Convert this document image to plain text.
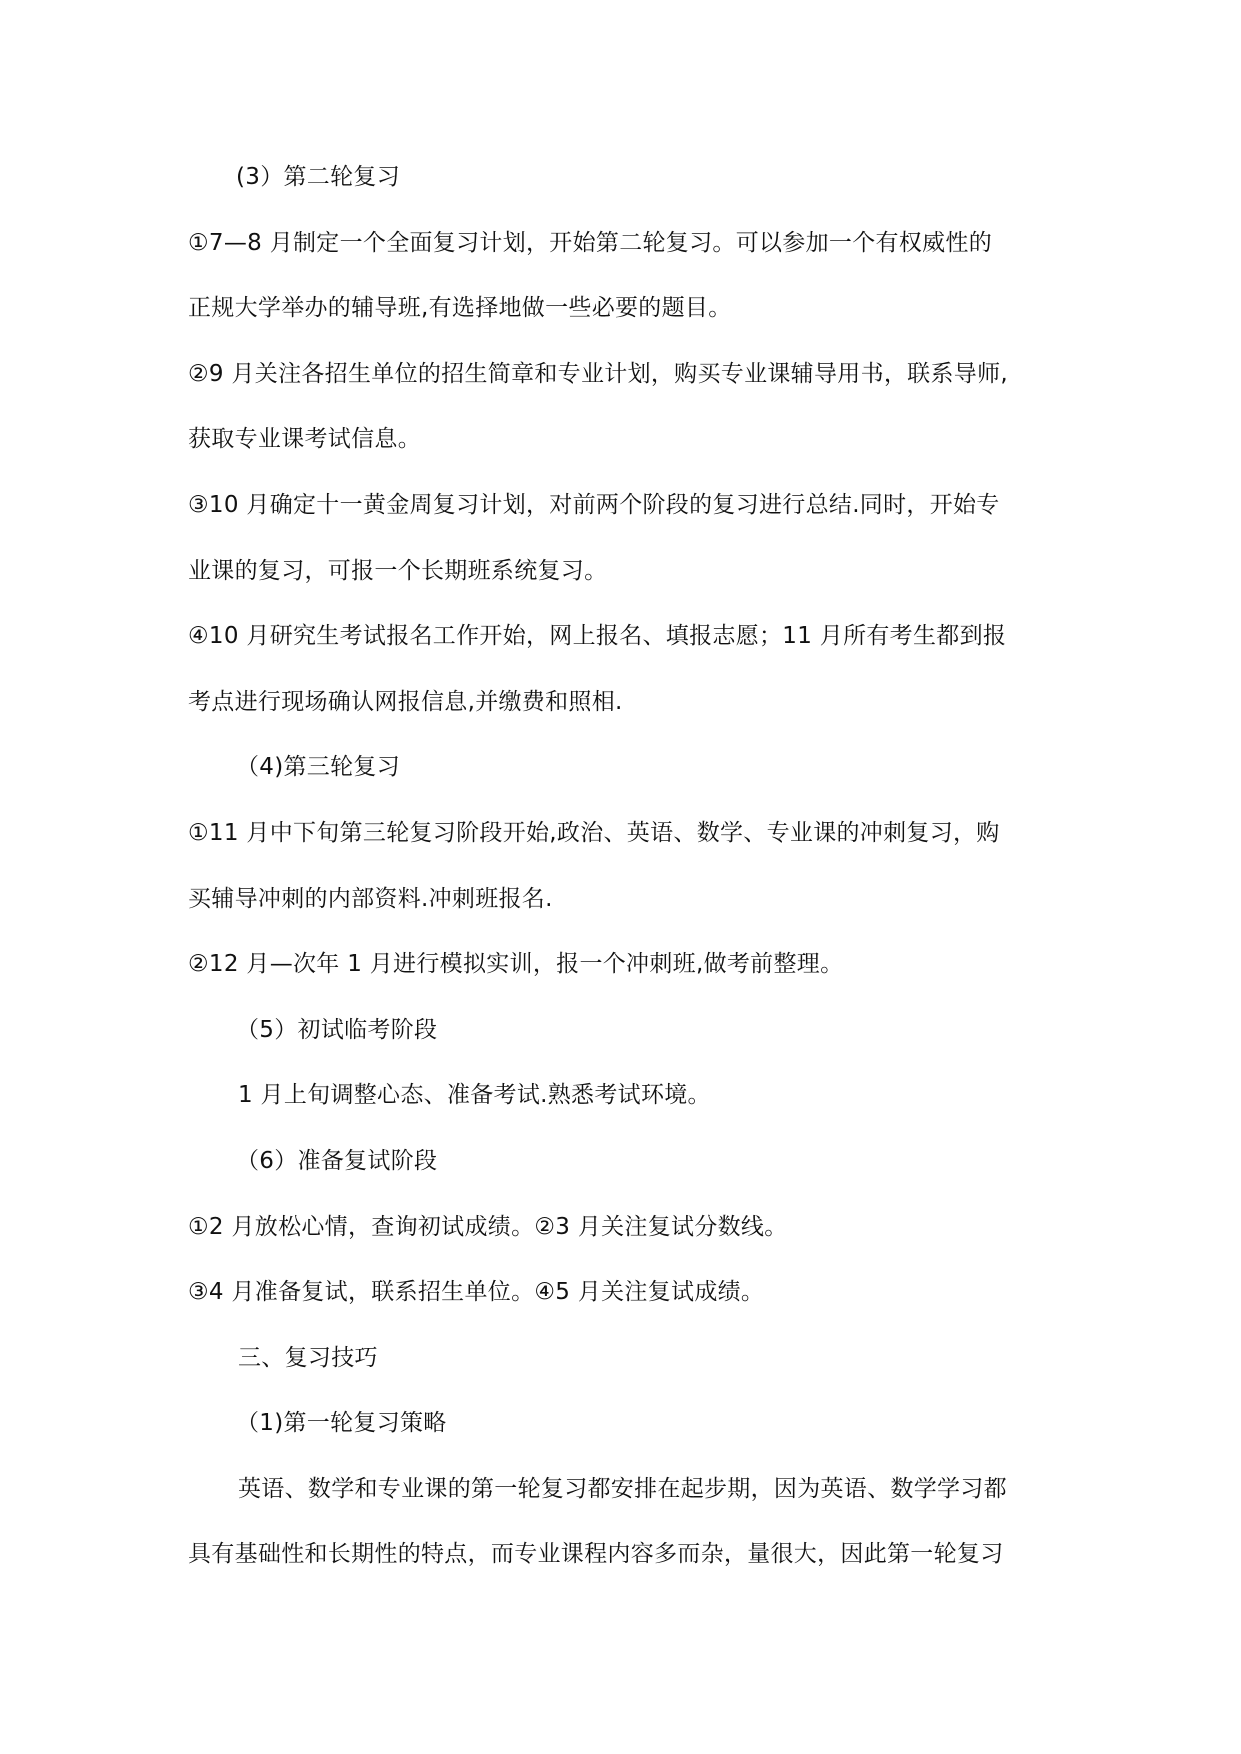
(3）第二轮复习
①7—8 月制定一个全面复习计划，开始第二轮复习。可以参加一个有权威性的
正规大学举办的辅导班,有选择地做一些必要的题目。
②9 月关注各招生单位的招生简章和专业计划，购买专业课辅导用书，联系导师,
获取专业课考试信息。
③10 月确定十一黄金周复习计划，对前两个阶段的复习进行总结.同时，开始专
业课的复习，可报一个长期班系统复习。
④10 月研究生考试报名工作开始，网上报名、填报志愿；11 月所有考生都到报
考点进行现场确认网报信息,并缴费和照相.
（4)第三轮复习
①11 月中下旬第三轮复习阶段开始,政治、英语、数学、专业课的冲刺复习，购
买辅导冲刺的内部资料.冲刺班报名.
②12 月—次年 1 月进行模拟实训，报一个冲刺班,做考前整理。
（5）初试临考阶段
1 月上旬调整心态、准备考试.熟悉考试环境。
（6）准备复试阶段
①2 月放松心情，查询初试成绩。②3 月关注复试分数线。
③4 月准备复试，联系招生单位。④5 月关注复试成绩。
三、复习技巧
（1)第一轮复习策略
英语、数学和专业课的第一轮复习都安排在起步期，因为英语、数学学习都
具有基础性和长期性的特点，而专业课程内容多而杂，量很大，因此第一轮复习
